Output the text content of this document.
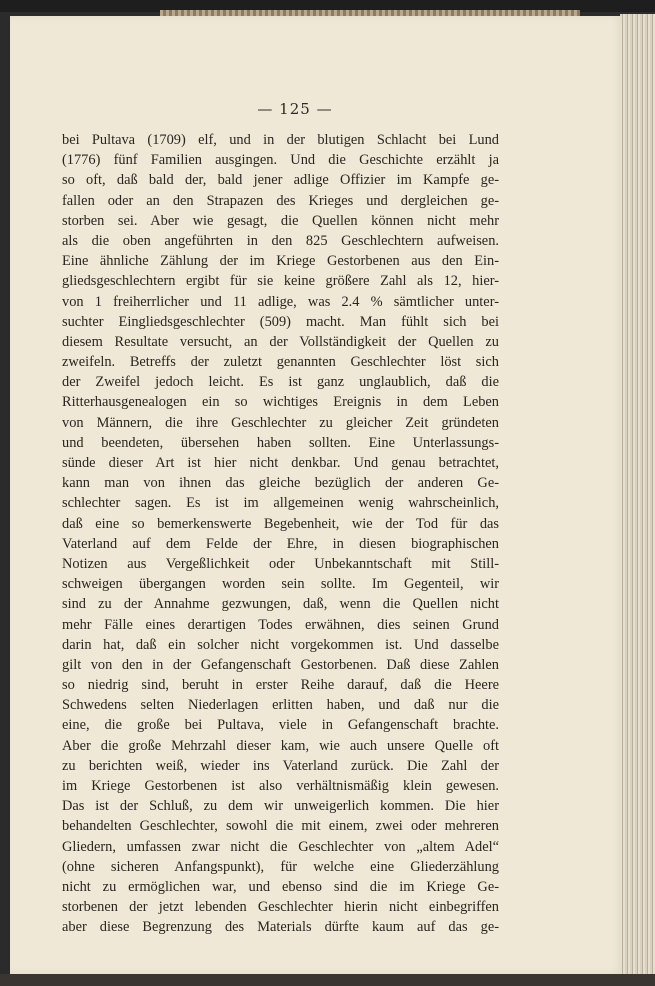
— 125 —
bei Pultava (1709) elf, und in der blutigen Schlacht bei Lund
(1776) fünf Familien ausgingen. Und die Geschichte erzählt ja
so oft, daß bald der, bald jener adlige Offizier im Kampfe ge-
fallen oder an den Strapazen des Krieges und dergleichen ge-
storben sei. Aber wie gesagt, die Quellen können nicht mehr
als die oben angeführten in den 825 Geschlechtern aufweisen.
Eine ähnliche Zählung der im Kriege Gestorbenen aus den Ein-
gliedsgeschlechtern ergibt für sie keine größere Zahl als 12, hier-
von 1 freiherrlicher und 11 adlige, was 2.4 % sämtlicher unter-
suchter Eingliedsgeschlechter (509) macht. Man fühlt sich bei
diesem Resultate versucht, an der Vollständigkeit der Quellen zu
zweifeln. Betreffs der zuletzt genannten Geschlechter löst sich
der Zweifel jedoch leicht. Es ist ganz unglaublich, daß die
Ritterhausgenealogen ein so wichtiges Ereignis in dem Leben
von Männern, die ihre Geschlechter zu gleicher Zeit gründeten
und beendeten, übersehen haben sollten. Eine Unterlassungs-
sünde dieser Art ist hier nicht denkbar. Und genau betrachtet,
kann man von ihnen das gleiche bezüglich der anderen Ge-
schlechter sagen. Es ist im allgemeinen wenig wahrscheinlich,
daß eine so bemerkenswerte Begebenheit, wie der Tod für das
Vaterland auf dem Felde der Ehre, in diesen biographischen
Notizen aus Vergeßlichkeit oder Unbekanntschaft mit Still-
schweigen übergangen worden sein sollte. Im Gegenteil, wir
sind zu der Annahme gezwungen, daß, wenn die Quellen nicht
mehr Fälle eines derartigen Todes erwähnen, dies seinen Grund
darin hat, daß ein solcher nicht vorgekommen ist. Und dasselbe
gilt von den in der Gefangenschaft Gestorbenen. Daß diese Zahlen
so niedrig sind, beruht in erster Reihe darauf, daß die Heere
Schwedens selten Niederlagen erlitten haben, und daß nur die
eine, die große bei Pultava, viele in Gefangenschaft brachte.
Aber die große Mehrzahl dieser kam, wie auch unsere Quelle oft
zu berichten weiß, wieder ins Vaterland zurück. Die Zahl der
im Kriege Gestorbenen ist also verhältnismäßig klein gewesen.
Das ist der Schluß, zu dem wir unweigerlich kommen. Die hier
behandelten Geschlechter, sowohl die mit einem, zwei oder mehreren
Gliedern, umfassen zwar nicht die Geschlechter von „altem Adel“
(ohne sicheren Anfangspunkt), für welche eine Gliederzählung
nicht zu ermöglichen war, und ebenso sind die im Kriege Ge-
storbenen der jetzt lebenden Geschlechter hierin nicht einbegriffen
aber diese Begrenzung des Materials dürfte kaum auf das ge-
